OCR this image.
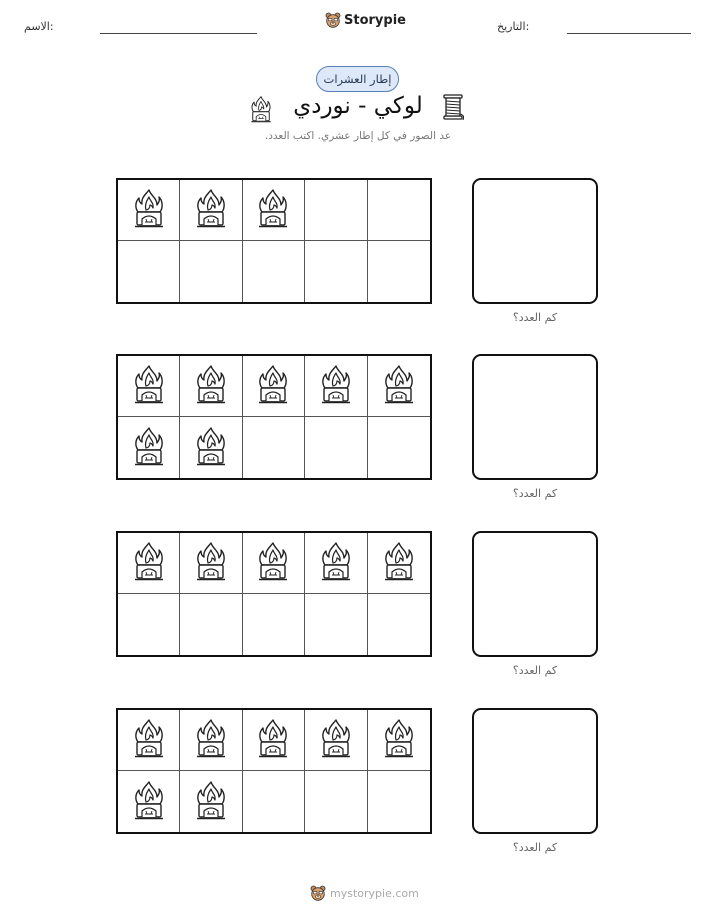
الاسم:	التاريخ:
Storypie
إطار العشرات
لوكي - نوردي
عد الصور في كل إطار عشري. اكتب العدد.
كم العدد؟
كم العدد؟
كم العدد؟
كم العدد؟
mystorypie.com
